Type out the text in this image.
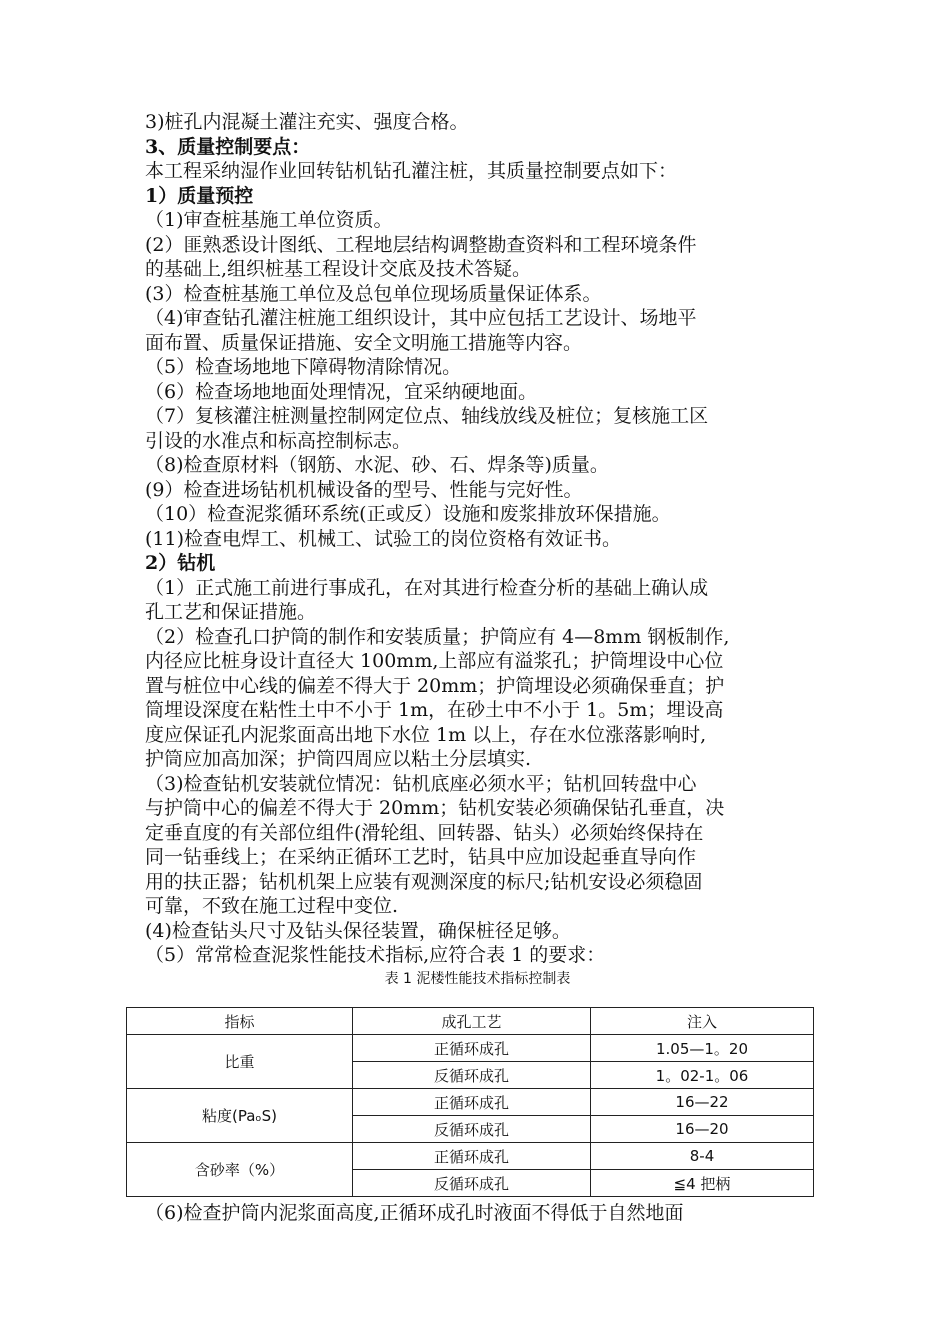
3)桩孔内混凝土灌注充实、强度合格。
3、质量控制要点：
本工程采纳湿作业回转钻机钻孔灌注桩，其质量控制要点如下：
1）质量预控
（1)审查桩基施工单位资质。
(2）匪熟悉设计图纸、工程地层结构调整勘查资料和工程环境条件
的基础上,组织桩基工程设计交底及技术答疑。
(3）检查桩基施工单位及总包单位现场质量保证体系。
（4)审查钻孔灌注桩施工组织设计，其中应包括工艺设计、场地平
面布置、质量保证措施、安全文明施工措施等内容。
（5）检查场地地下障碍物清除情况。
（6）检查场地地面处理情况，宜采纳硬地面。
（7）复核灌注桩测量控制网定位点、轴线放线及桩位；复核施工区
引设的水准点和标高控制标志。
（8)检查原材料（钢筋、水泥、砂、石、焊条等)质量。
(9）检查进场钻机机械设备的型号、性能与完好性。
（10）检查泥浆循环系统(正或反）设施和废浆排放环保措施。
(11)检查电焊工、机械工、试验工的岗位资格有效证书。
2）钻机
（1）正式施工前进行事成孔，在对其进行检查分析的基础上确认成
孔工艺和保证措施。
（2）检查孔口护筒的制作和安装质量；护筒应有 4—8mm 钢板制作,
内径应比桩身设计直径大 100mm,上部应有溢浆孔；护筒埋设中心位
置与桩位中心线的偏差不得大于 20mm；护筒埋设必须确保垂直；护
筒埋设深度在粘性土中不小于 1m，在砂土中不小于 1。5m；埋设高
度应保证孔内泥浆面高出地下水位 1m 以上，存在水位涨落影响时,
护筒应加高加深；护筒四周应以粘土分层填实.
（3)检查钻机安装就位情况：钻机底座必须水平；钻机回转盘中心
与护筒中心的偏差不得大于 20mm；钻机安装必须确保钻孔垂直，决
定垂直度的有关部位组件(滑轮组、回转器、钻头）必须始终保持在
同一钻垂线上；在采纳正循环工艺时，钻具中应加设起垂直导向作
用的扶正器；钻机机架上应装有观测深度的标尺;钻机安设必须稳固
可靠，不致在施工过程中变位.
(4)检查钻头尺寸及钻头保径装置，确保桩径足够。
（5）常常检查泥浆性能技术指标,应符合表 1 的要求：
表 1 泥楼性能技术指标控制表
指标	成孔工艺	注入
比重	正循环成孔	1.05—1。20
	反循环成孔	1。02-1。06
粘度(PaₒS)	正循环成孔	16—22
	反循环成孔	16—20
含砂率（%）	正循环成孔	8-4
	反循环成孔	≦4 把柄
（6)检查护筒内泥浆面高度,正循环成孔时液面不得低于自然地面
